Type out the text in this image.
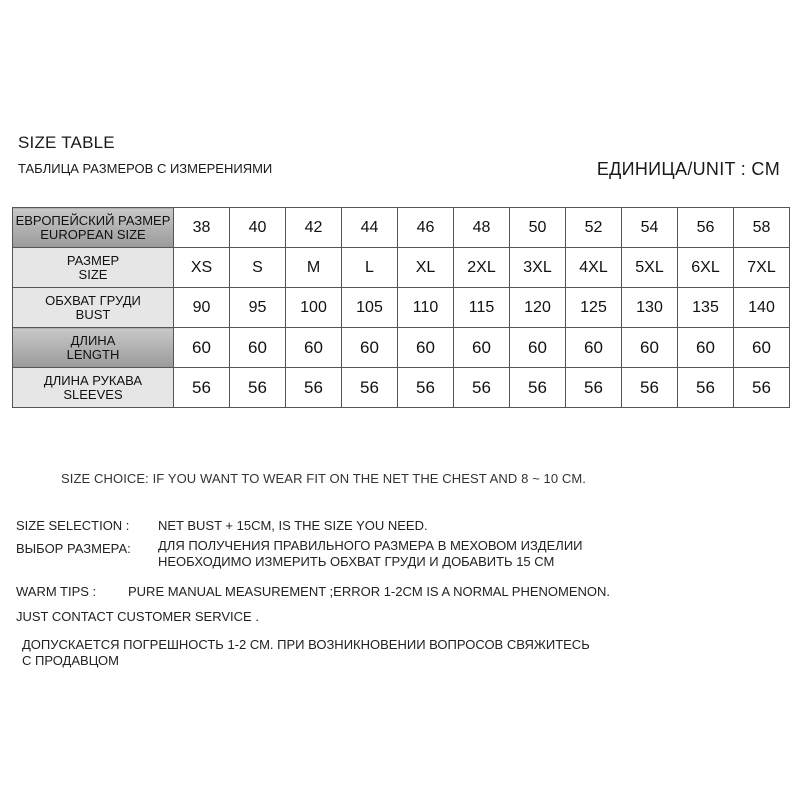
SIZE TABLE
ТАБЛИЦА РАЗМЕРОВ С ИЗМЕРЕНИЯМИ	ЕДИНИЦА/UNIT : CM
ЕВРОПЕЙСКИЙ РАЗМЕР
EUROPEAN SIZE	38	40	42	44	46	48	50	52	54	56	58

РАЗМЕР
SIZE	XS	S	M	L	XL	2XL	3XL	4XL	5XL	6XL	7XL

ОБХВАТ ГРУДИ
BUST	90	95	100	105	110	115	120	125	130	135	140

ДЛИНА
LENGTH	60	60	60	60	60	60	60	60	60	60	60

ДЛИНА РУКАВА
SLEEVES	56	56	56	56	56	56	56	56	56	56	56
SIZE CHOICE: IF YOU WANT TO WEAR FIT ON THE NET THE CHEST AND 8 ~ 10 CM.
SIZE SELECTION : NET BUST + 15CM, IS THE SIZE YOU NEED.
ВЫБОР РАЗМЕРА: ДЛЯ ПОЛУЧЕНИЯ ПРАВИЛЬНОГО РАЗМЕРА В МЕХОВОМ ИЗДЕЛИИ
НЕОБХОДИМО ИЗМЕРИТЬ ОБХВАТ ГРУДИ И ДОБАВИТЬ 15 СМ
WARM TIPS : PURE MANUAL MEASUREMENT ;ERROR 1-2CM IS A NORMAL PHENOMENON.
JUST CONTACT CUSTOMER SERVICE .
ДОПУСКАЕТСЯ ПОГРЕШНОСТЬ 1-2 СМ. ПРИ ВОЗНИКНОВЕНИИ ВОПРОСОВ СВЯЖИТЕСЬ
С ПРОДАВЦОМ
